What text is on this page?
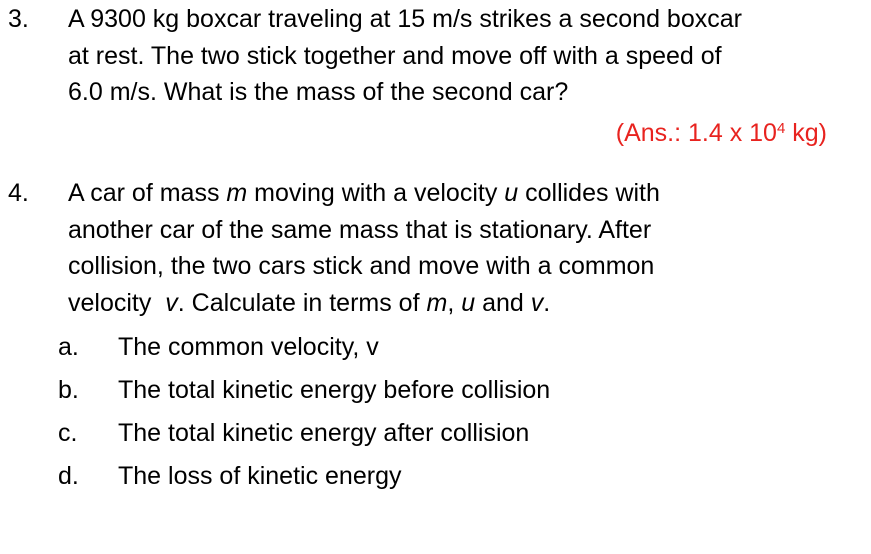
3. A 9300 kg boxcar traveling at 15 m/s strikes a second boxcar
at rest. The two stick together and move off with a speed of
6.0 m/s. What is the mass of the second car?
(Ans.: 1.4 x $10^4$ kg)
4. A car of mass m moving with a velocity u collides with
another car of the same mass that is stationary. After
collision, the two cars stick and move with a common
velocity  v. Calculate in terms of m, u and v.
a. The common velocity, v
b. The total kinetic energy before collision
c. The total kinetic energy after collision
d. The loss of kinetic energy
